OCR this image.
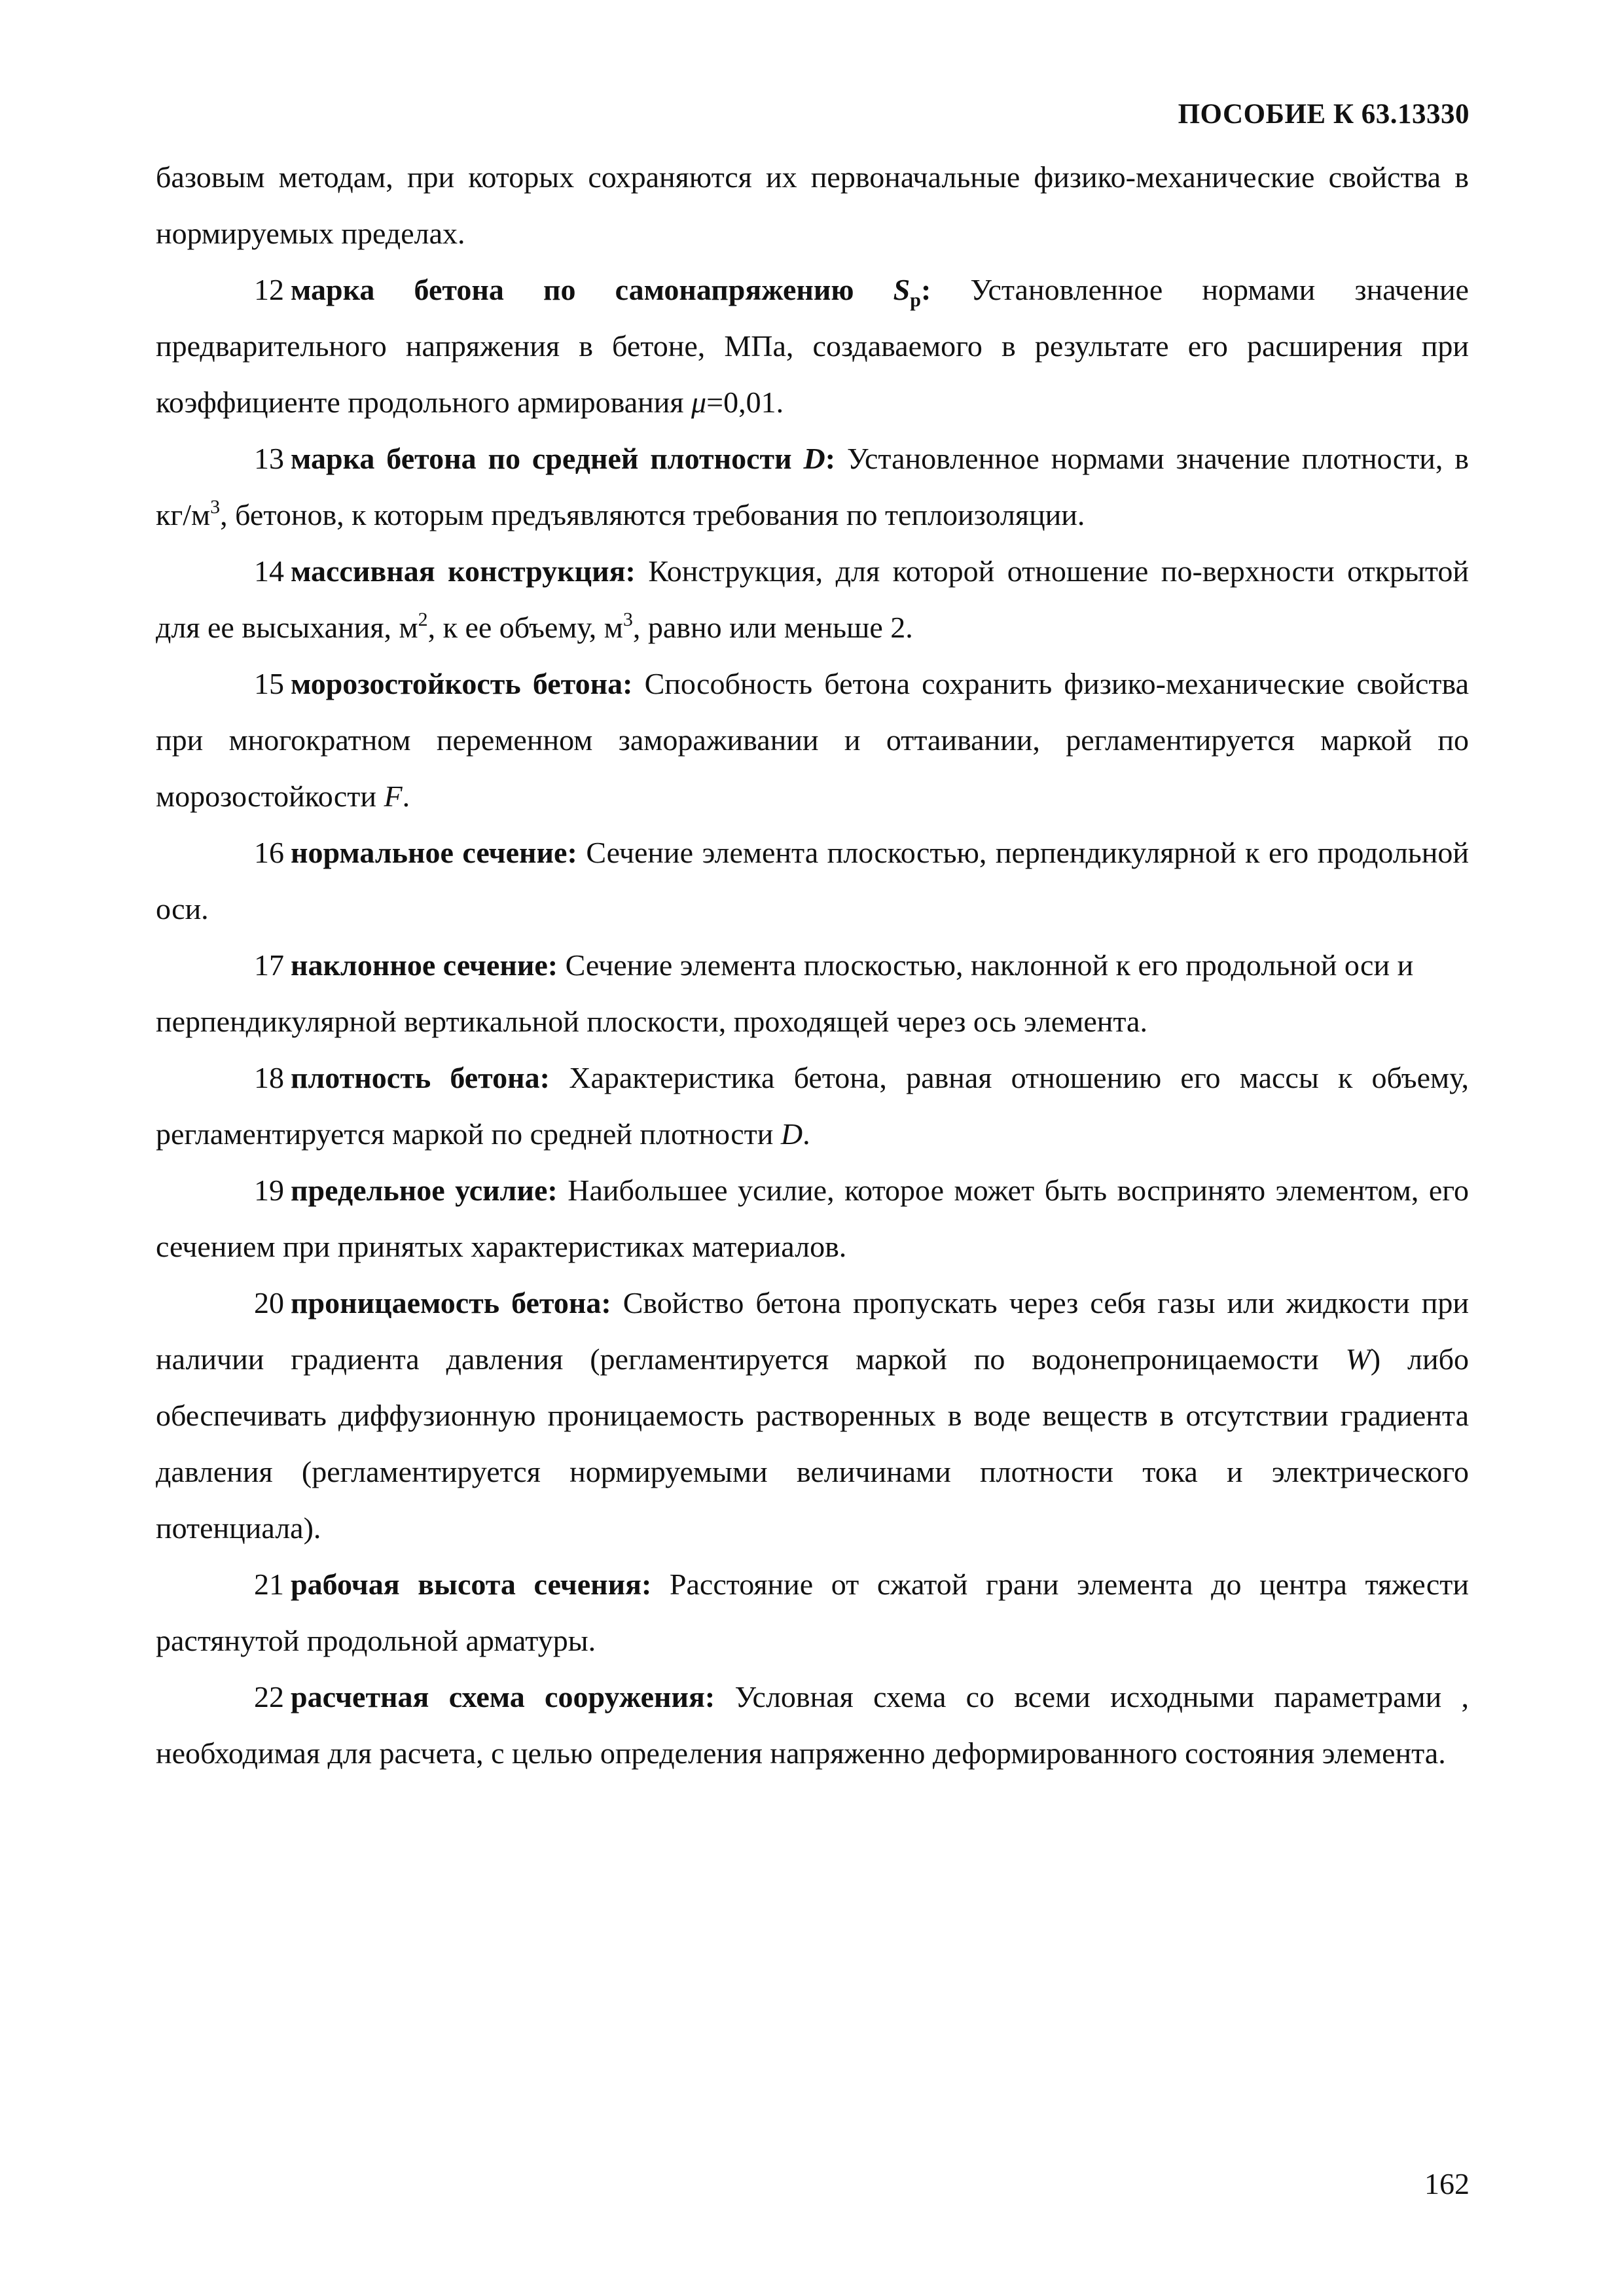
ПОСОБИЕ К 63.13330

базовым методам, при которых сохраняются их первоначальные физико-механические свойства в нормируемых пределах.

12 марка бетона по самонапряжению $S_p$: Установленное нормами значение предварительного напряжения в бетоне, МПа, создаваемого в результате его расширения при коэффициенте продольного армирования μ=0,01.

13 марка бетона по средней плотности D: Установленное нормами значение плотности, в $кг/м^3$, бетонов, к которым предъявляются требования по теплоизоляции.

14 массивная конструкция: Конструкция, для которой отношение по-верхности открытой для ее высыхания, $м^2$, к ее объему, $м^3$, равно или меньше 2.

15 морозостойкость бетона: Способность бетона сохранить физико-механические свойства при многократном переменном замораживании и оттаивании, регламентируется маркой по морозостойкости F.

16 нормальное сечение: Сечение элемента плоскостью, перпендикулярной к его продольной оси.

17 наклонное сечение: Сечение элемента плоскостью, наклонной к его продольной оси и перпендикулярной вертикальной плоскости, проходящей через ось элемента.

18 плотность бетона: Характеристика бетона, равная отношению его массы к объему, регламентируется маркой по средней плотности D.

19 предельное усилие: Наибольшее усилие, которое может быть воспринято элементом, его сечением при принятых характеристиках материалов.

20 проницаемость бетона: Свойство бетона пропускать через себя газы или жидкости при наличии градиента давления (регламентируется маркой по водонепроницаемости W) либо обеспечивать диффузионную проницаемость растворенных в воде веществ в отсутствии градиента давления (регламентируется нормируемыми величинами плотности тока и электрического потенциала).

21 рабочая высота сечения: Расстояние от сжатой грани элемента до центра тяжести растянутой продольной арматуры.

22 расчетная схема сооружения: Условная схема со всеми исходными параметрами , необходимая для расчета, с целью определения напряженно деформированного состояния элемента.

162
